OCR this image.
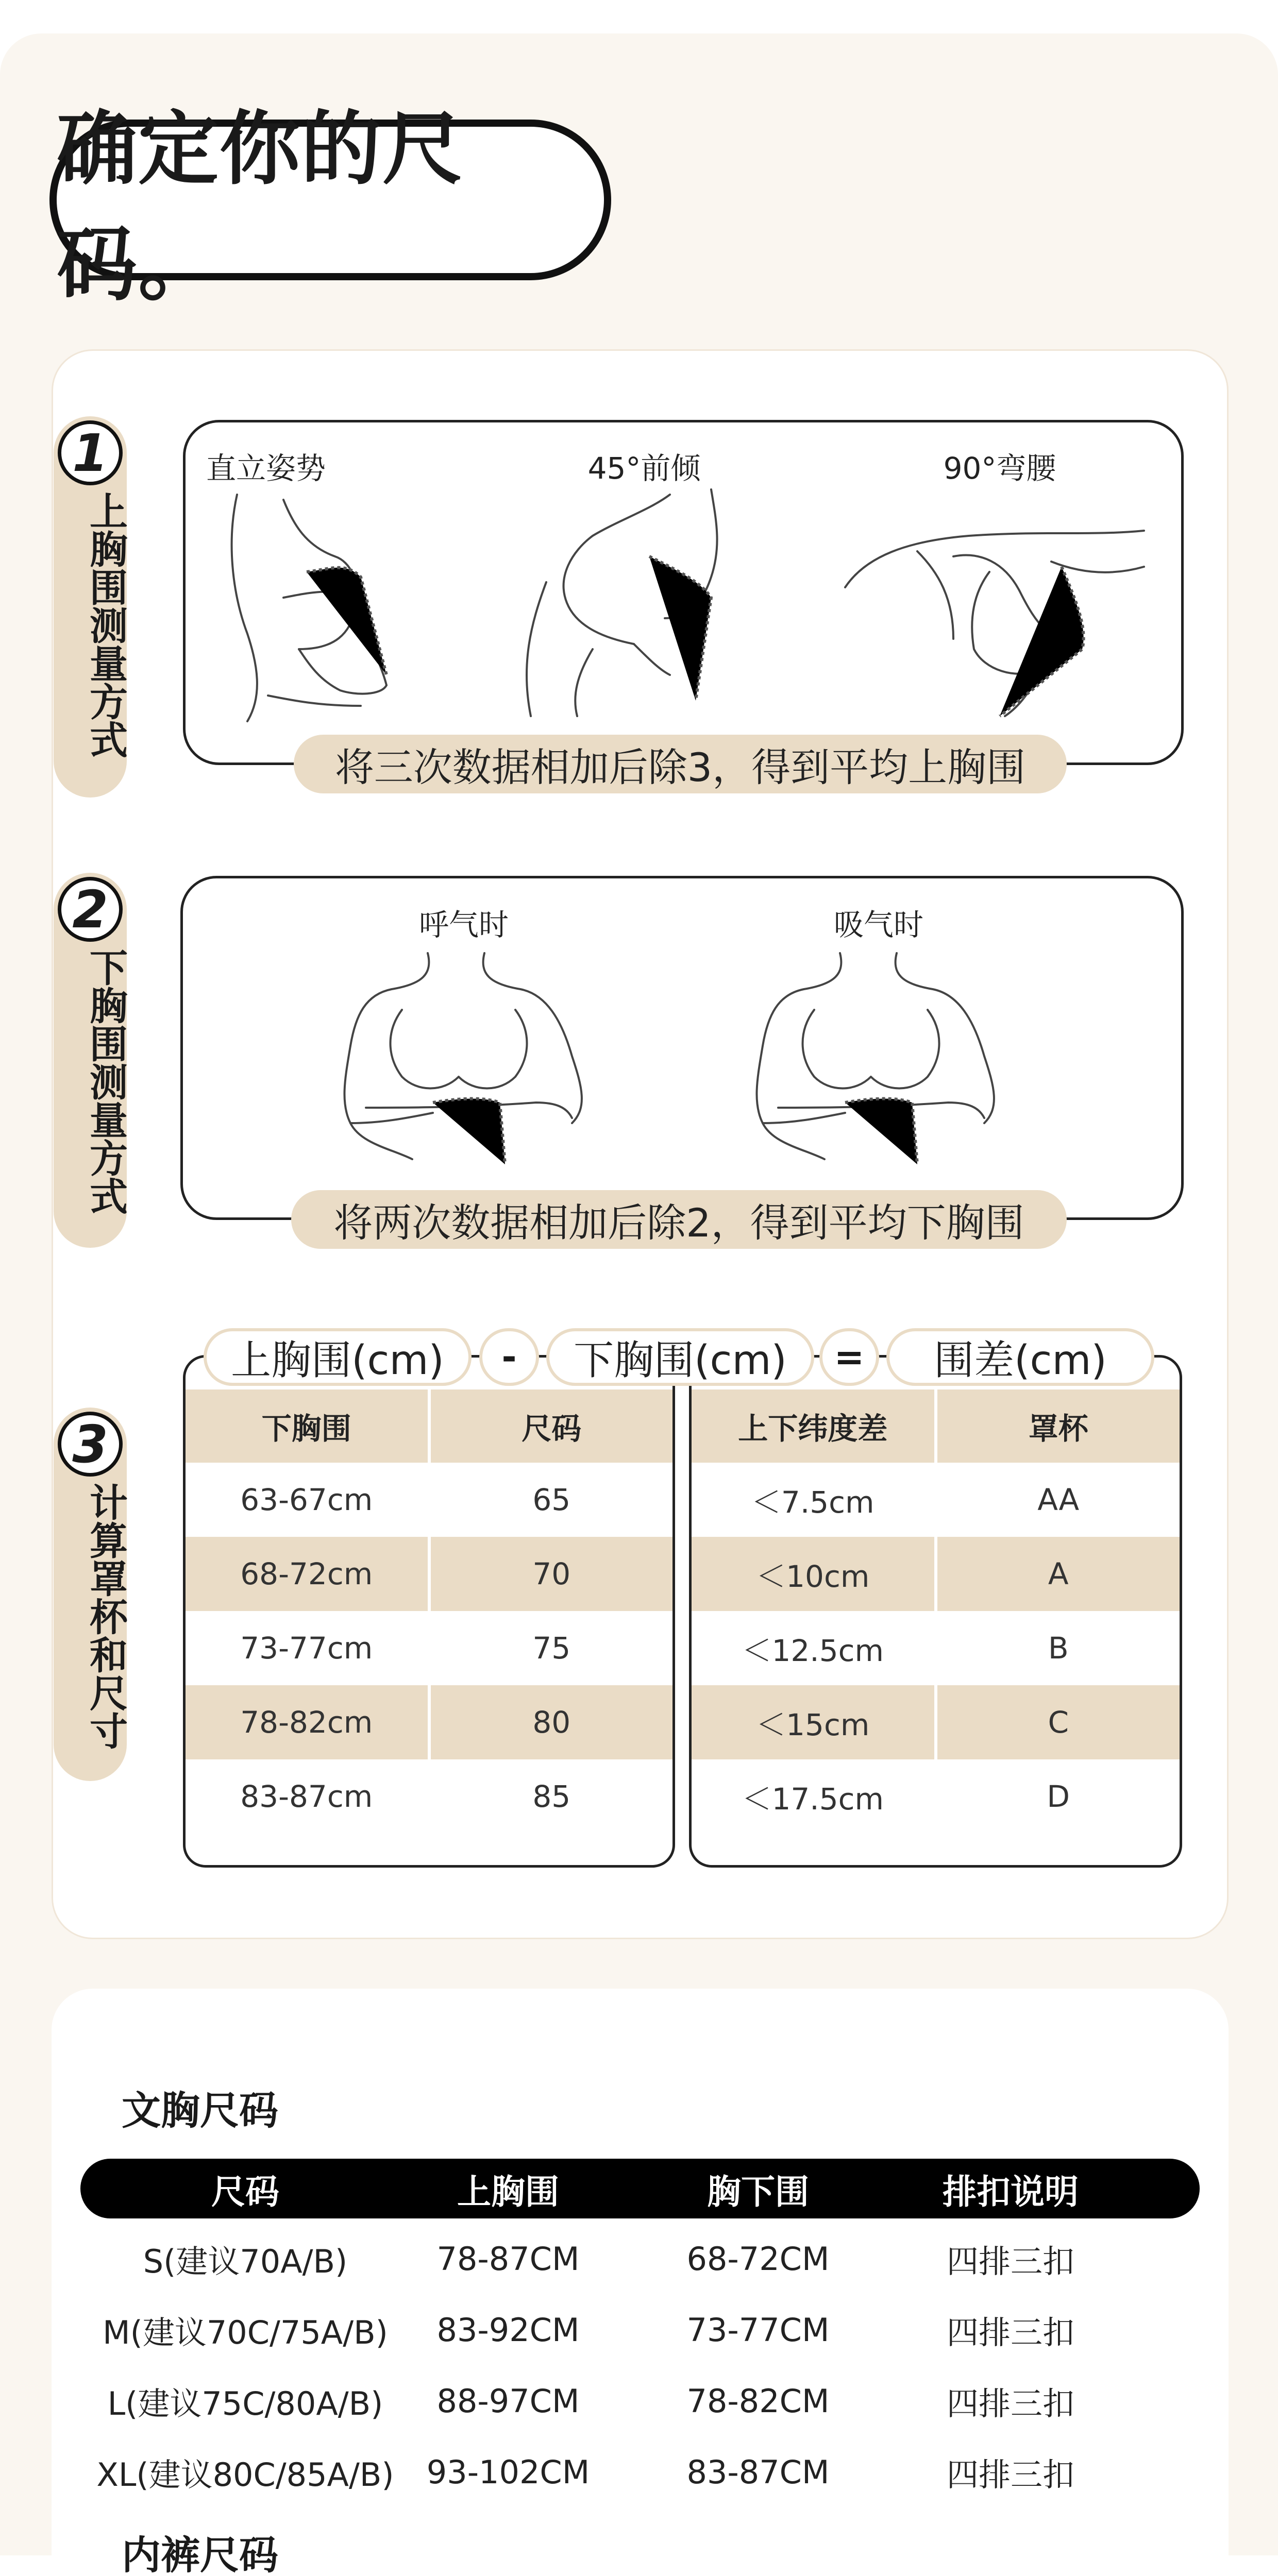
确定你的尺码。
1
上胸围测量方式
直立姿势	45°前倾	90°弯腰
将三次数据相加后除3，得到平均上胸围
2
下胸围测量方式
呼气时	吸气时
将两次数据相加后除2，得到平均下胸围
3
计算罩杯和尺寸
下胸围	尺码
63-67cm	65
68-72cm	70
73-77cm	75
78-82cm	80
83-87cm	85
上下纬度差	罩杯
＜7.5cm	AA
＜10cm	A
＜12.5cm	B
＜15cm	C
＜17.5cm	D
上胸围(cm)	-	下胸围(cm)	=	围差(cm)
文胸尺码
尺码	上胸围	胸下围	排扣说明
S(建议70A/B)	78-87CM	68-72CM	四排三扣
M(建议70C/75A/B)	83-92CM	73-77CM	四排三扣
L(建议75C/80A/B)	88-97CM	78-82CM	四排三扣
XL(建议80C/85A/B)	93-102CM	83-87CM	四排三扣
内裤尺码
